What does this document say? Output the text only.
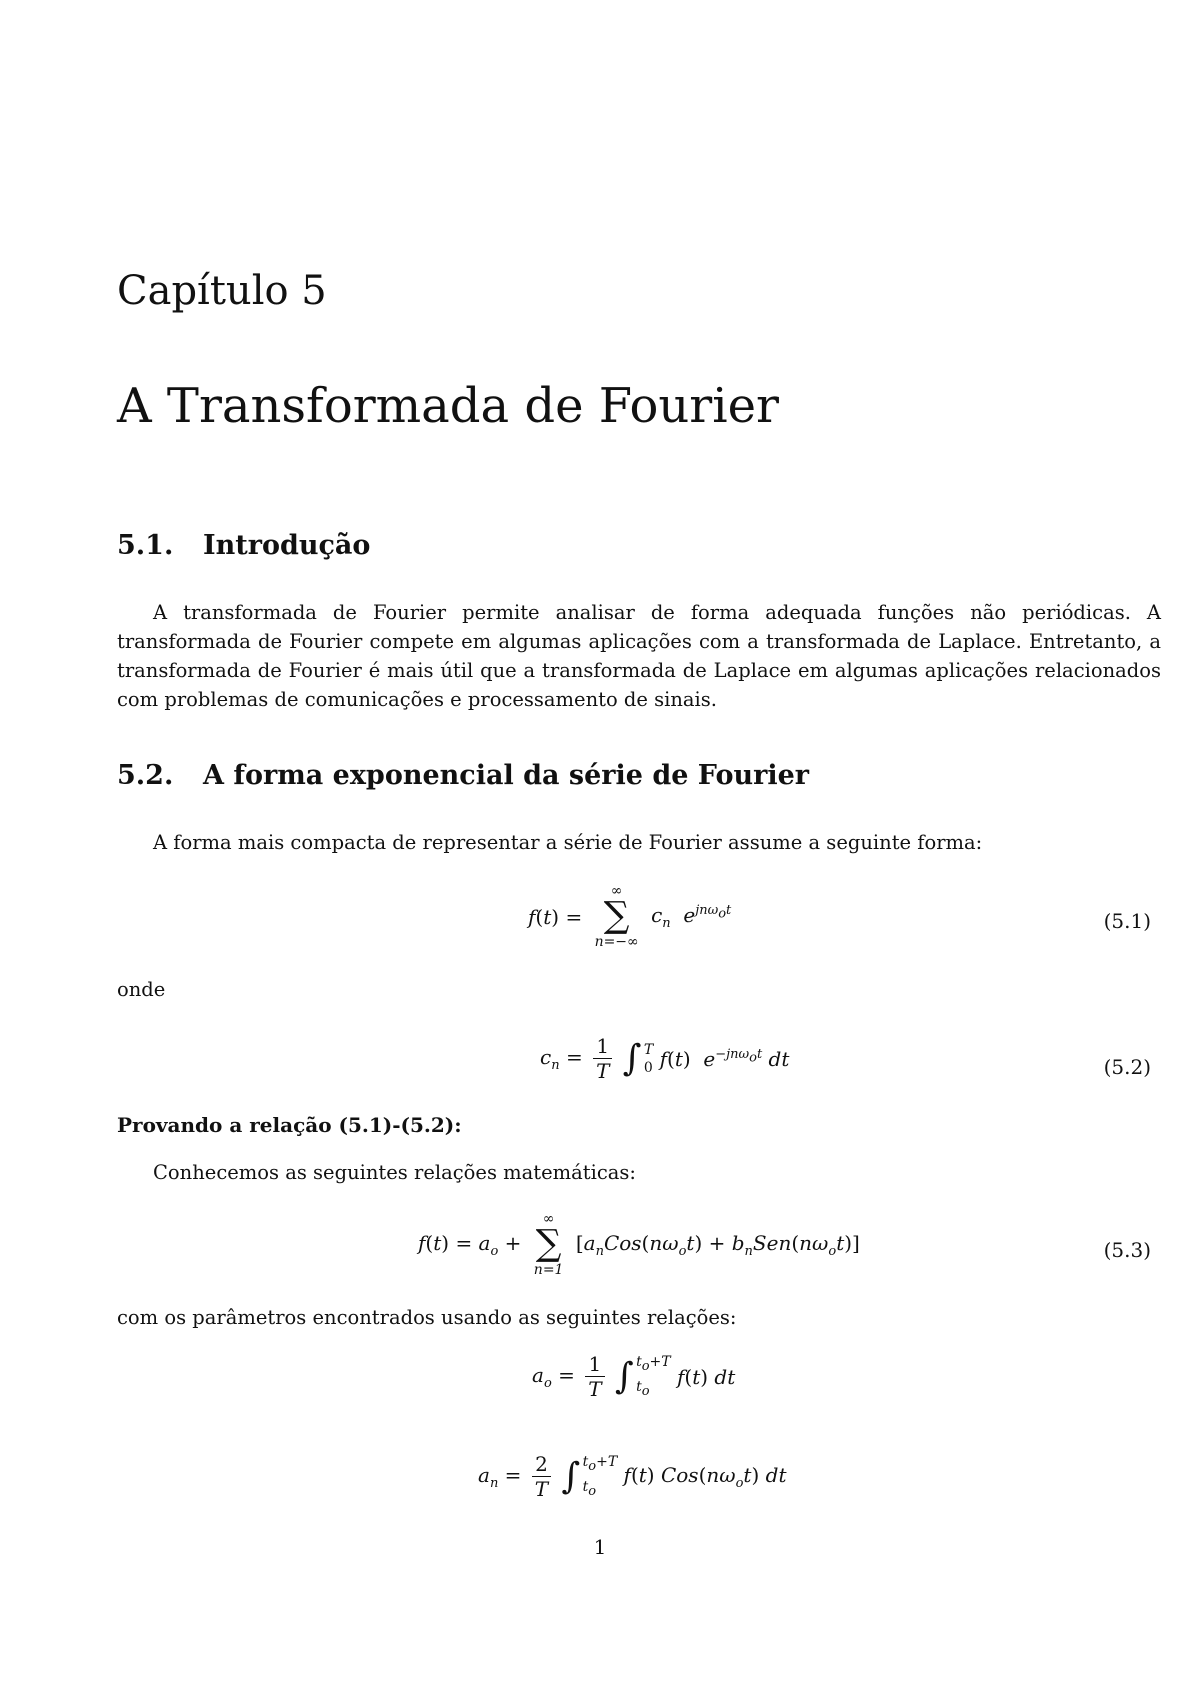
Capítulo 5
A Transformada de Fourier
5.1. Introdução
A transformada de Fourier permite analisar de forma adequada funções não periódicas. A transformada de Fourier compete em algumas aplicações com a transformada de Laplace. Entretanto, a transformada de Fourier é mais útil que a transformada de Laplace em algumas aplicações relacionados com problemas de comunicações e processamento de sinais.
5.2. A forma exponencial da série de Fourier
A forma mais compacta de representar a série de Fourier assume a seguinte forma:
f(t) =
∞
∑
n=−∞
$c_n$  $e^{jn\omega_ot}$	(5.1)
onde
$c_n = \frac{1}{T}$ ∫ T
0 f(t)  $e^{-jn\omega_ot}$ dt	(5.2)
Provando a relação (5.1)-(5.2):
Conhecemos as seguintes relações matemáticas:
$f(t) = a_o$ +
∞
∑
n=1
$[a_nCos(n\omega_ot) + b_nSen(n\omega_ot)]$	(5.3)
com os parâmetros encontrados usando as seguintes relações:
$a_o = \frac{1}{T}$ ∫ $t_o+T$
$t_o$
f(t) dt
$a_n = \frac{2}{T}$ ∫ $t_o+T$
$t_o$
f(t) $Cos(n\omega_ot)$ dt
1
